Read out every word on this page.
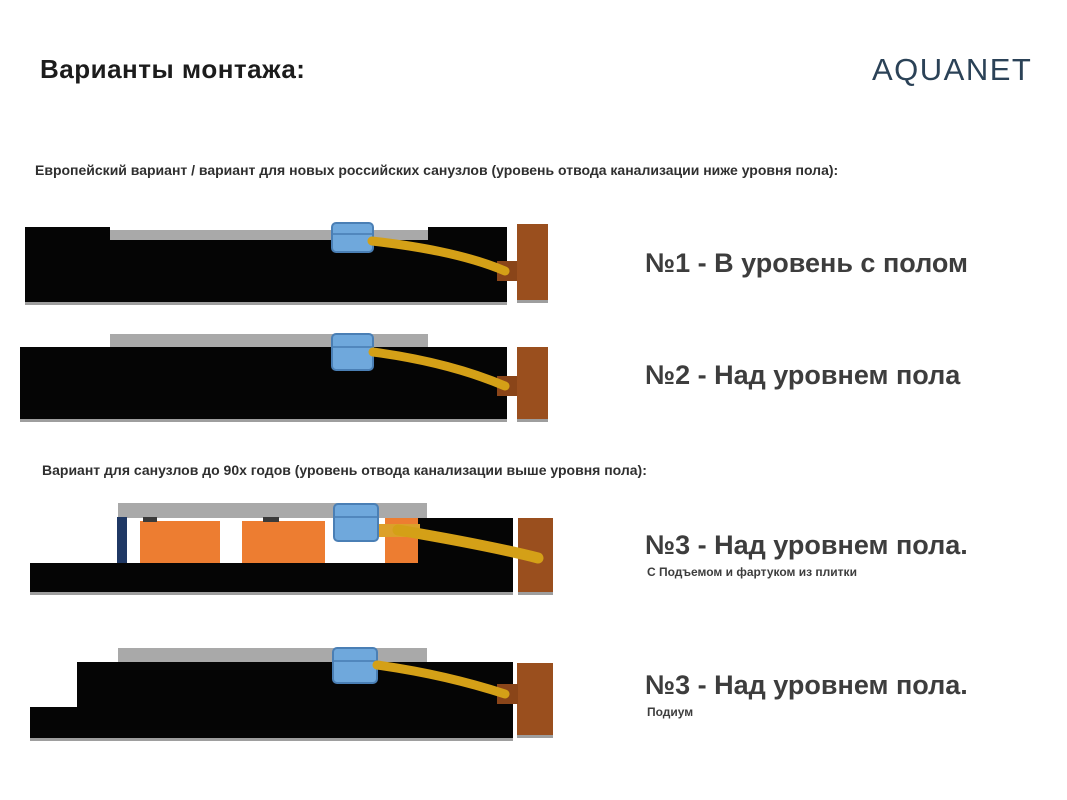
Варианты монтажа:	AQUANET
Европейский вариант / вариант для новых российских санузлов (уровень отвода канализации ниже уровня пола):
№1 - В уровень с полом
№2 - Над уровнем пола
Вариант для санузлов до 90х годов (уровень отвода канализации выше уровня пола):
№3 - Над уровнем пола.
С Подъемом и фартуком из плитки
№3 - Над уровнем пола.
Подиум
